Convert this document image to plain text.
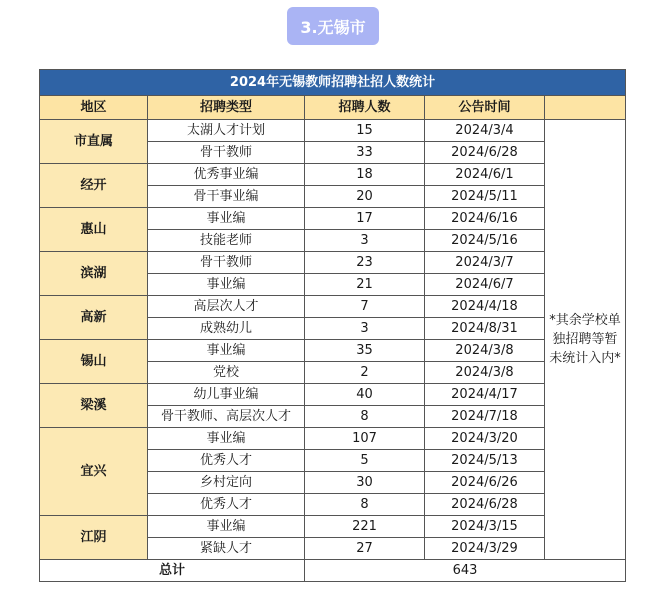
3.无锡市
2024年无锡教师招聘社招人数统计				
地区	招聘类型	招聘人数	公告时间	
市直属	太湖人才计划	15	2024/3/4	*其余学校单独招聘等暂未统计入内*
	骨干教师	33	2024/6/28	
经开	优秀事业编	18	2024/6/1	
	骨干事业编	20	2024/5/11	
惠山	事业编	17	2024/6/16	
	技能老师	3	2024/5/16	
滨湖	骨干教师	23	2024/3/7	
	事业编	21	2024/6/7	
高新	高层次人才	7	2024/4/18	
	成熟幼儿	3	2024/8/31	
锡山	事业编	35	2024/3/8	
	党校	2	2024/3/8	
梁溪	幼儿事业编	40	2024/4/17	
	骨干教师、高层次人才	8	2024/7/18	
宜兴	事业编	107	2024/3/20	
	优秀人才	5	2024/5/13	
	乡村定向	30	2024/6/26	
	优秀人才	8	2024/6/28	
江阴	事业编	221	2024/3/15	
	紧缺人才	27	2024/3/29	
总计		643		
